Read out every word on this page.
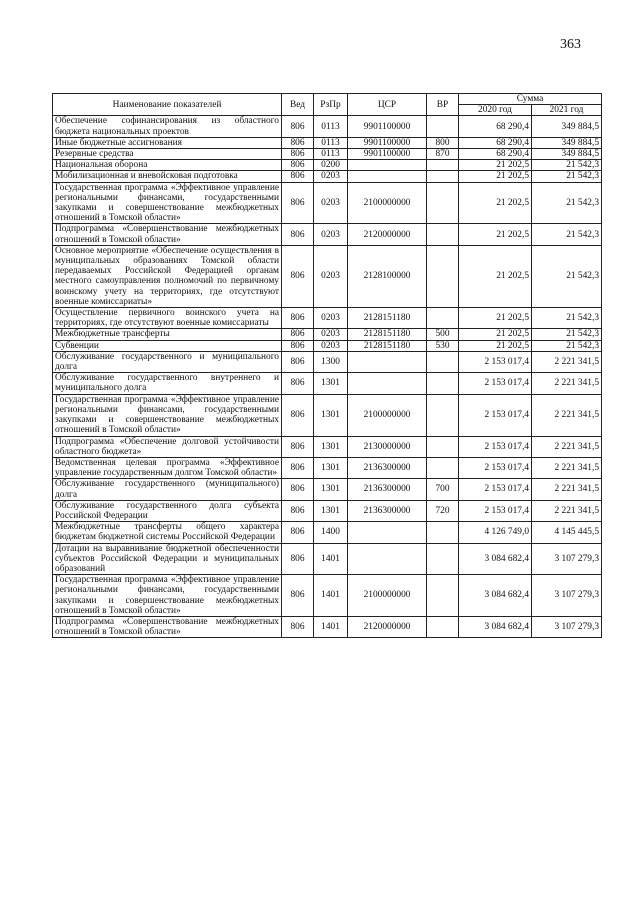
363
Наименование показателей	Вед	РзПр	ЦСР	ВР	Сумма	
					2020 год	2021 год
Обеспечение софинансирования из областного бюджета национальных проектов	806	0113	9901100000		68 290,4	349 884,5
Иные бюджетные ассигнования	806	0113	9901100000	800	68 290,4	349 884,5
Резервные средства	806	0113	9901100000	870	68 290,4	349 884,5
Национальная оборона	806	0200			21 202,5	21 542,3
Мобилизационная и вневойсковая подготовка	806	0203			21 202,5	21 542,3
Государственная программа «Эффективное управление региональными финансами, государственными закупками и совершенствование межбюджетных отношений в Томской области»	806	0203	2100000000		21 202,5	21 542,3
Подпрограмма «Совершенствование межбюджетных отношений в Томской области»	806	0203	2120000000		21 202,5	21 542,3
Основное мероприятие «Обеспечение осуществления в муниципальных образованиях Томской области передаваемых Российской Федерацией органам местного самоуправления полномочий по первичному воинскому учету на территориях, где отсутствуют военные комиссариаты»	806	0203	2128100000		21 202,5	21 542,3
Осуществление первичного воинского учета на территориях, где отсутствуют военные комиссариаты	806	0203	2128151180		21 202,5	21 542,3
Межбюджетные трансферты	806	0203	2128151180	500	21 202,5	21 542,3
Субвенции	806	0203	2128151180	530	21 202,5	21 542,3
Обслуживание государственного и муниципального долга	806	1300			2 153 017,4	2 221 341,5
Обслуживание государственного внутреннего и муниципального долга	806	1301			2 153 017,4	2 221 341,5
Государственная программа «Эффективное управление региональными финансами, государственными закупками и совершенствование межбюджетных отношений в Томской области»	806	1301	2100000000		2 153 017,4	2 221 341,5
Подпрограмма «Обеспечение долговой устойчивости областного бюджета»	806	1301	2130000000		2 153 017,4	2 221 341,5
Ведомственная целевая программа «Эффективное управление государственным долгом Томской области»	806	1301	2136300000		2 153 017,4	2 221 341,5
Обслуживание государственного (муниципального) долга	806	1301	2136300000	700	2 153 017,4	2 221 341,5
Обслуживание государственного долга субъекта Российской Федерации	806	1301	2136300000	720	2 153 017,4	2 221 341,5
Межбюджетные трансферты общего характера бюджетам бюджетной системы Российской Федерации	806	1400			4 126 749,0	4 145 445,5
Дотации на выравнивание бюджетной обеспеченности субъектов Российской Федерации и муниципальных образований	806	1401			3 084 682,4	3 107 279,3
Государственная программа «Эффективное управление региональными финансами, государственными закупками и совершенствование межбюджетных отношений в Томской области»	806	1401	2100000000		3 084 682,4	3 107 279,3
Подпрограмма «Совершенствование межбюджетных отношений в Томской области»	806	1401	2120000000		3 084 682,4	3 107 279,3
